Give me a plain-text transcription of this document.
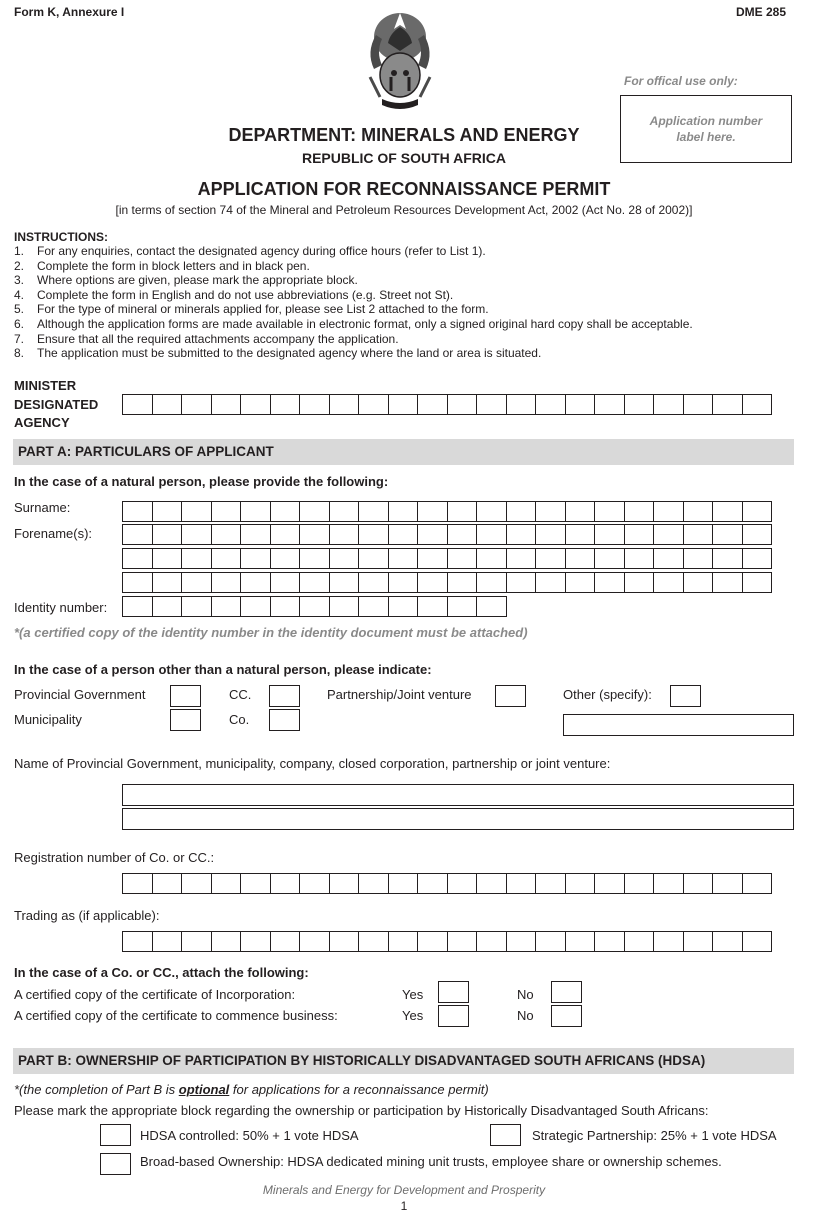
Form K, Annexure I	DME 285
For offical use only:
Application number label here.
DEPARTMENT: MINERALS AND ENERGY
REPUBLIC OF SOUTH AFRICA
APPLICATION FOR RECONNAISSANCE PERMIT
[in terms of section 74 of the Mineral and Petroleum Resources Development Act, 2002 (Act No. 28 of 2002)]
INSTRUCTIONS:
1.	For any enquiries, contact the designated agency during office hours (refer to List 1).
2.	Complete the form in block letters and in black pen.
3.	Where options are given, please mark the appropriate block.
4.	Complete the form in English and do not use abbreviations (e.g. Street not St).
5.	For the type of mineral or minerals applied for, please see List 2 attached to the form.
6.	Although the application forms are made available in electronic format, only a signed original hard copy shall be acceptable.
7.	Ensure that all the required attachments accompany the application.
8.	The application must be submitted to the designated agency where the land or area is situated.
MINISTER
DESIGNATED
AGENCY
PART A: PARTICULARS OF APPLICANT
In the case of a natural person, please provide the following:
Surname:
Forename(s):
Identity number:
*(a certified copy of the identity number in the identity document must be attached)
In the case of a person other than a natural person, please indicate:
Provincial Government	CC.	Partnership/Joint venture	Other (specify):
Municipality	Co.
Name of Provincial Government, municipality, company, closed corporation, partnership or joint venture:
Registration number of Co. or CC.:
Trading as (if applicable):
In the case of a Co. or CC., attach the following:
A certified copy of the certificate of Incorporation:	Yes	No
A certified copy of the certificate to commence business:	Yes	No
PART B: OWNERSHIP OF PARTICIPATION BY HISTORICALLY DISADVANTAGED SOUTH AFRICANS (HDSA)
*(the completion of Part B is optional for applications for a reconnaissance permit)
Please mark the appropriate block regarding the ownership or participation by Historically Disadvantaged South Africans:
HDSA controlled: 50% + 1 vote HDSA	Strategic Partnership: 25% + 1 vote HDSA
Broad-based Ownership: HDSA dedicated mining unit trusts, employee share or ownership schemes.
Minerals and Energy for Development and Prosperity
1
